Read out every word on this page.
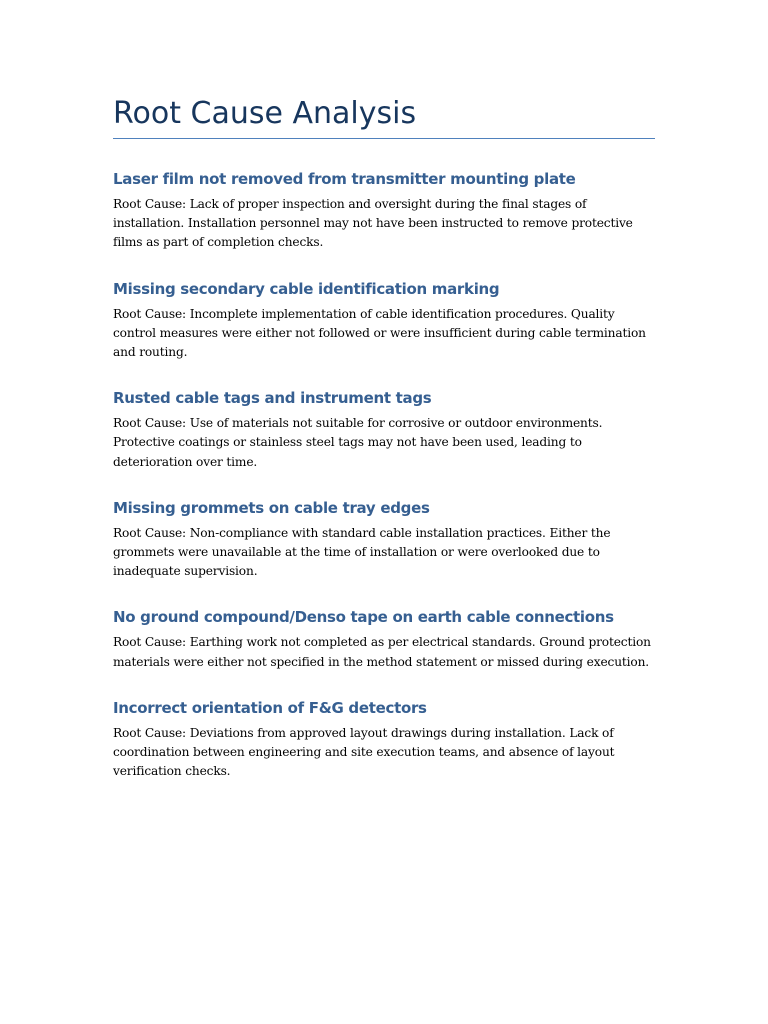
Root Cause Analysis
Laser film not removed from transmitter mounting plate

Root Cause: Lack of proper inspection and oversight during the final stages of installation. Installation personnel may not have been instructed to remove protective films as part of completion checks.

Missing secondary cable identification marking

Root Cause: Incomplete implementation of cable identification procedures. Quality control measures were either not followed or were insufficient during cable termination and routing.

Rusted cable tags and instrument tags

Root Cause: Use of materials not suitable for corrosive or outdoor environments. Protective coatings or stainless steel tags may not have been used, leading to deterioration over time.

Missing grommets on cable tray edges

Root Cause: Non-compliance with standard cable installation practices. Either the grommets were unavailable at the time of installation or were overlooked due to inadequate supervision.

No ground compound/Denso tape on earth cable connections

Root Cause: Earthing work not completed as per electrical standards. Ground protection materials were either not specified in the method statement or missed during execution.

Incorrect orientation of F&G detectors

Root Cause: Deviations from approved layout drawings during installation. Lack of coordination between engineering and site execution teams, and absence of layout verification checks.
